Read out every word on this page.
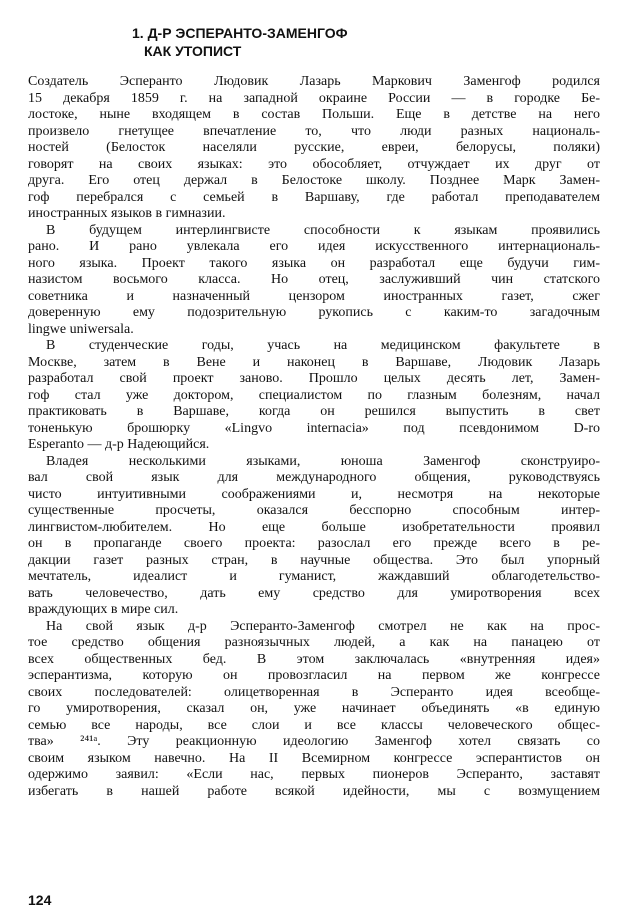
1. Д-Р ЭСПЕРАНТО-ЗАМЕНГОФ
КАК УТОПИСТ
Создатель Эсперанто Людовик Лазарь Маркович Заменгоф родился
15 декабря 1859 г. на западной окраине России — в городке Бе-
лостоке, ныне входящем в состав Польши. Еще в детстве на него
произвело гнетущее впечатление то, что люди разных националь-
ностей (Белосток населяли русские, евреи, белорусы, поляки)
говорят на своих языках: это обособляет, отчуждает их друг от
друга. Его отец держал в Белостоке школу. Позднее Марк Замен-
гоф перебрался с семьей в Варшаву, где работал преподавателем
иностранных языков в гимназии.
В будущем интерлингвисте способности к языкам проявились
рано. И рано увлекала его идея искусственного интернациональ-
ного языка. Проект такого языка он разработал еще будучи гим-
назистом восьмого класса. Но отец, заслуживший чин статского
советника и назначенный цензором иностранных газет, сжег
доверенную ему подозрительную рукопись с каким-то загадочным
lingwe uniwersala.
В студенческие годы, учась на медицинском факультете в
Москве, затем в Вене и наконец в Варшаве, Людовик Лазарь
разработал свой проект заново. Прошло целых десять лет, Замен-
гоф стал уже доктором, специалистом по глазным болезням, начал
практиковать в Варшаве, когда он решился выпустить в свет
тоненькую брошюрку «Lingvo internacia» под псевдонимом D-ro
Esperanto — д-р Надеющийся.
Владея несколькими языками, юноша Заменгоф сконструиро-
вал свой язык для международного общения, руководствуясь
чисто интуитивными соображениями и, несмотря на некоторые
существенные просчеты, оказался бесспорно способным интер-
лингвистом-любителем. Но еще больше изобретательности проявил
он в пропаганде своего проекта: разослал его прежде всего в ре-
дакции газет разных стран, в научные общества. Это был упорный
мечтатель, идеалист и гуманист, жаждавший облагодетельство-
вать человечество, дать ему средство для умиротворения всех
враждующих в мире сил.
На свой язык д-р Эсперанто-Заменгоф смотрел не как на прос-
тое средство общения разноязычных людей, а как на панацею от
всех общественных бед. В этом заключалась «внутренняя идея»
эсперантизма, которую он провозгласил на первом же конгрессе
своих последователей: олицетворенная в Эсперанто идея всеобще-
го умиротворения, сказал он, уже начинает объединять «в единую
семью все народы, все слои и все классы человеческого общес-
тва» ²⁴¹ᵃ. Эту реакционную идеологию Заменгоф хотел связать со
своим языком навечно. На II Всемирном конгрессе эсперантистов он
одержимо заявил: «Если нас, первых пионеров Эсперанто, заставят
избегать в нашей работе всякой идейности, мы с возмущением
124
